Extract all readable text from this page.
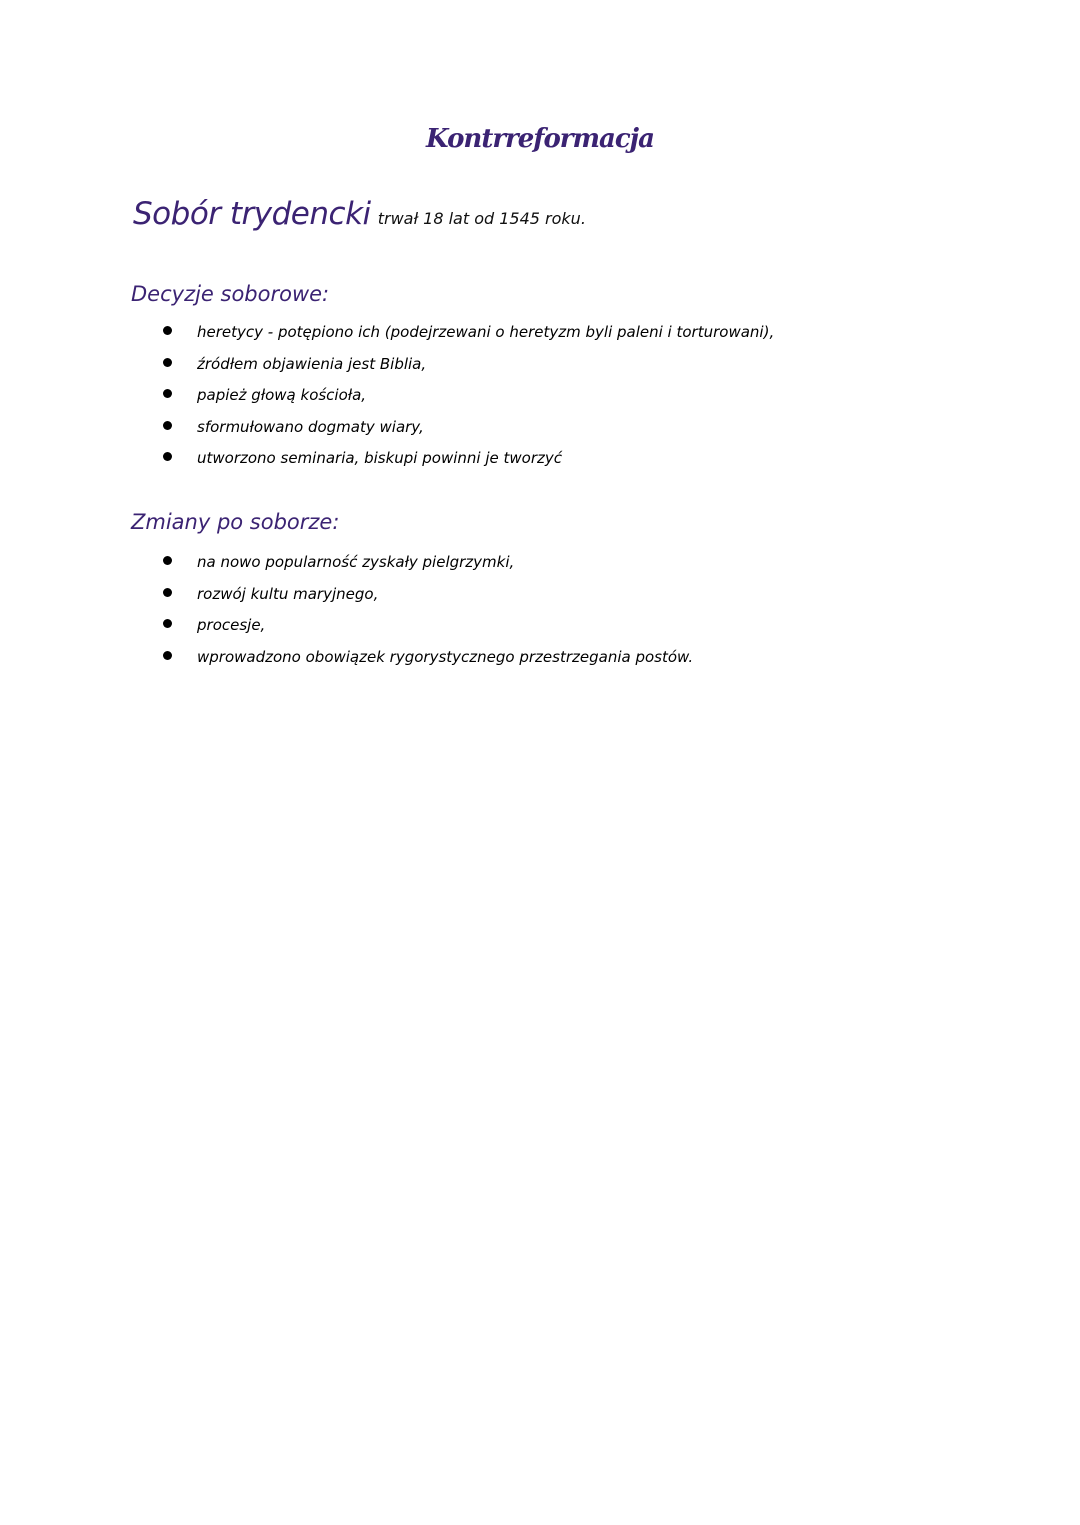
Kontrreformacja
Sobór trydencki trwał 18 lat od 1545 roku.
Decyzje soborowe:
heretycy - potępiono ich (podejrzewani o heretyzm byli paleni i torturowani),
źródłem objawienia jest Biblia,
papież głową kościoła,
sformułowano dogmaty wiary,
utworzono seminaria, biskupi powinni je tworzyć
Zmiany po soborze:
na nowo popularność zyskały pielgrzymki,
rozwój kultu maryjnego,
procesje,
wprowadzono obowiązek rygorystycznego przestrzegania postów.
